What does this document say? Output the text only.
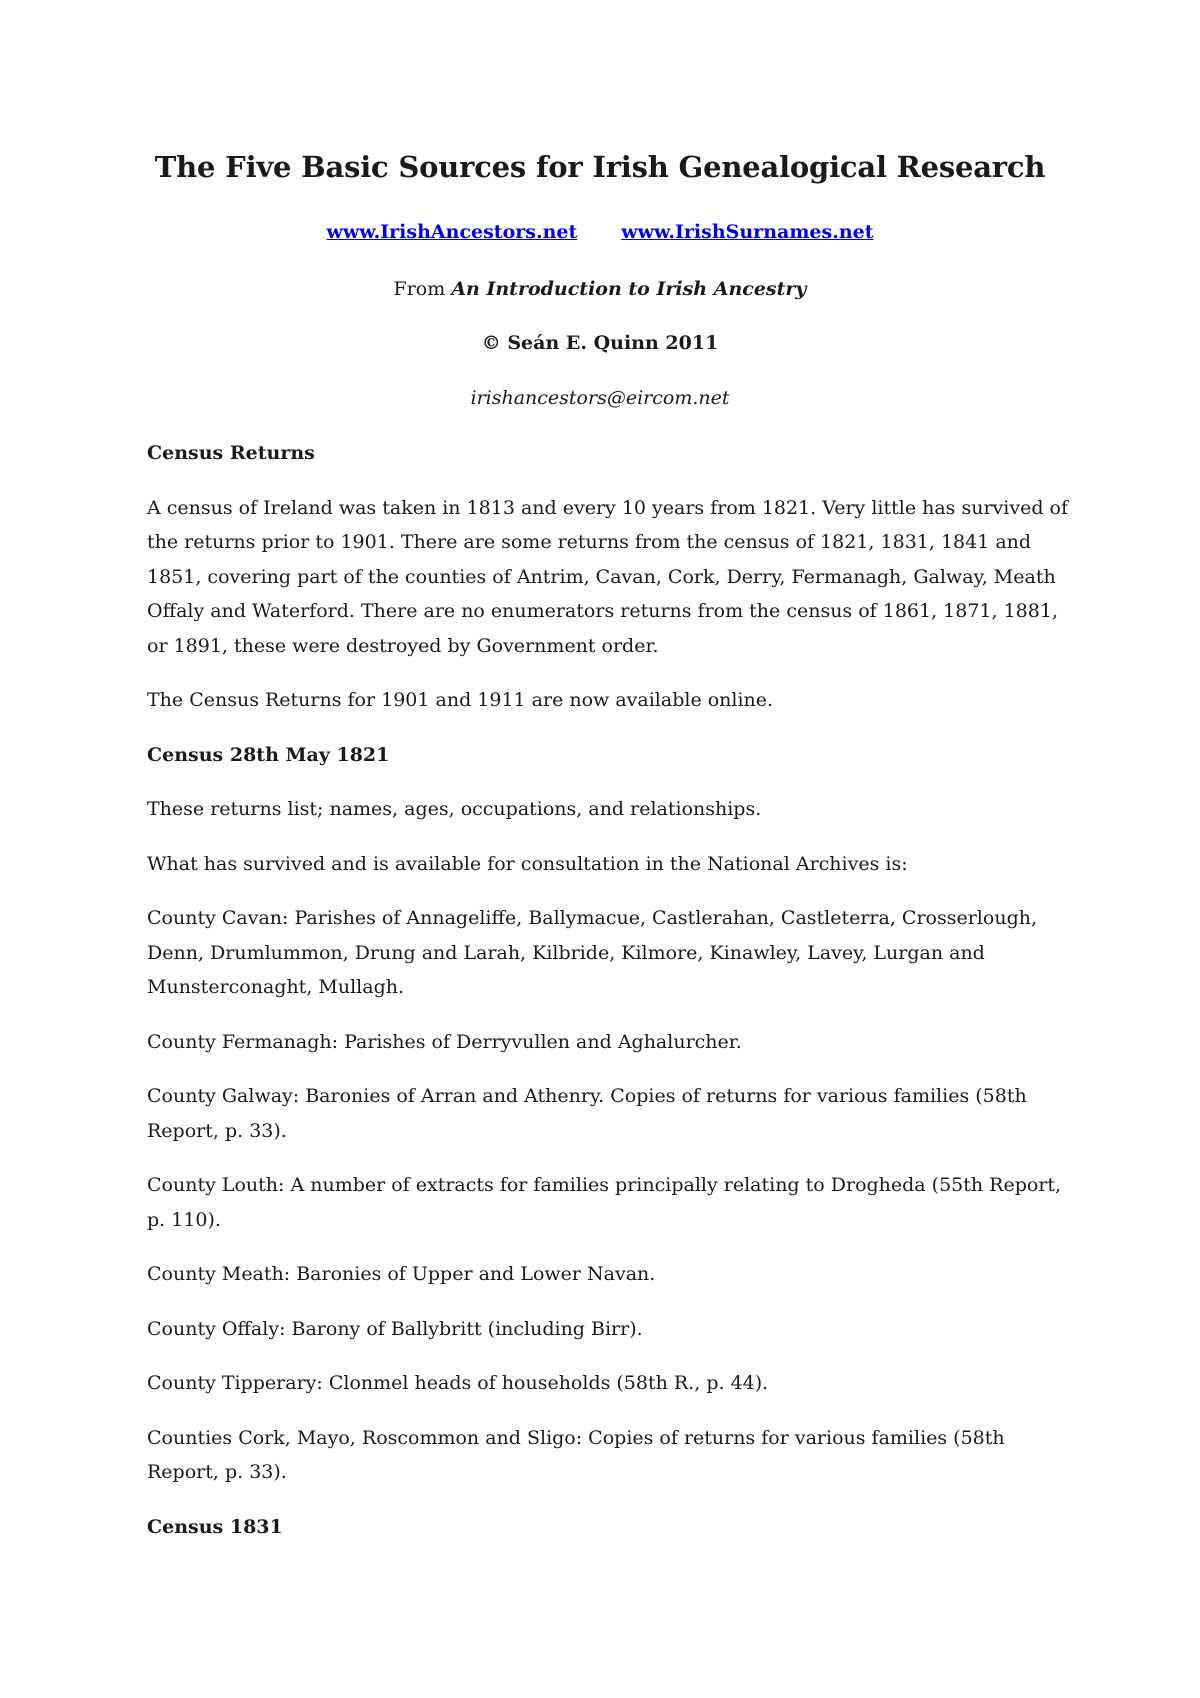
The Five Basic Sources for Irish Genealogical Research
www.IrishAncestors.net www.IrishSurnames.net
From An Introduction to Irish Ancestry
© Seán E. Quinn 2011
irishancestors@eircom.net
Census Returns

A census of Ireland was taken in 1813 and every 10 years from 1821. Very little has survived of the returns prior to 1901. There are some returns from the census of 1821, 1831, 1841 and 1851, covering part of the counties of Antrim, Cavan, Cork, Derry, Fermanagh, Galway, Meath Offaly and Waterford. There are no enumerators returns from the census of 1861, 1871, 1881, or 1891, these were destroyed by Government order.

The Census Returns for 1901 and 1911 are now available online.

Census 28th May 1821

These returns list; names, ages, occupations, and relationships.

What has survived and is available for consultation in the National Archives is:

County Cavan: Parishes of Annageliffe, Ballymacue, Castlerahan, Castleterra, Crosserlough, Denn, Drumlummon, Drung and Larah, Kilbride, Kilmore, Kinawley, Lavey, Lurgan and Munsterconaght, Mullagh.

County Fermanagh: Parishes of Derryvullen and Aghalurcher.

County Galway: Baronies of Arran and Athenry. Copies of returns for various families (58th Report, p. 33).

County Louth: A number of extracts for families principally relating to Drogheda (55th Report, p. 110).

County Meath: Baronies of Upper and Lower Navan.

County Offaly: Barony of Ballybritt (including Birr).

County Tipperary: Clonmel heads of households (58th R., p. 44).

Counties Cork, Mayo, Roscommon and Sligo: Copies of returns for various families (58th Report, p. 33).

Census 1831
